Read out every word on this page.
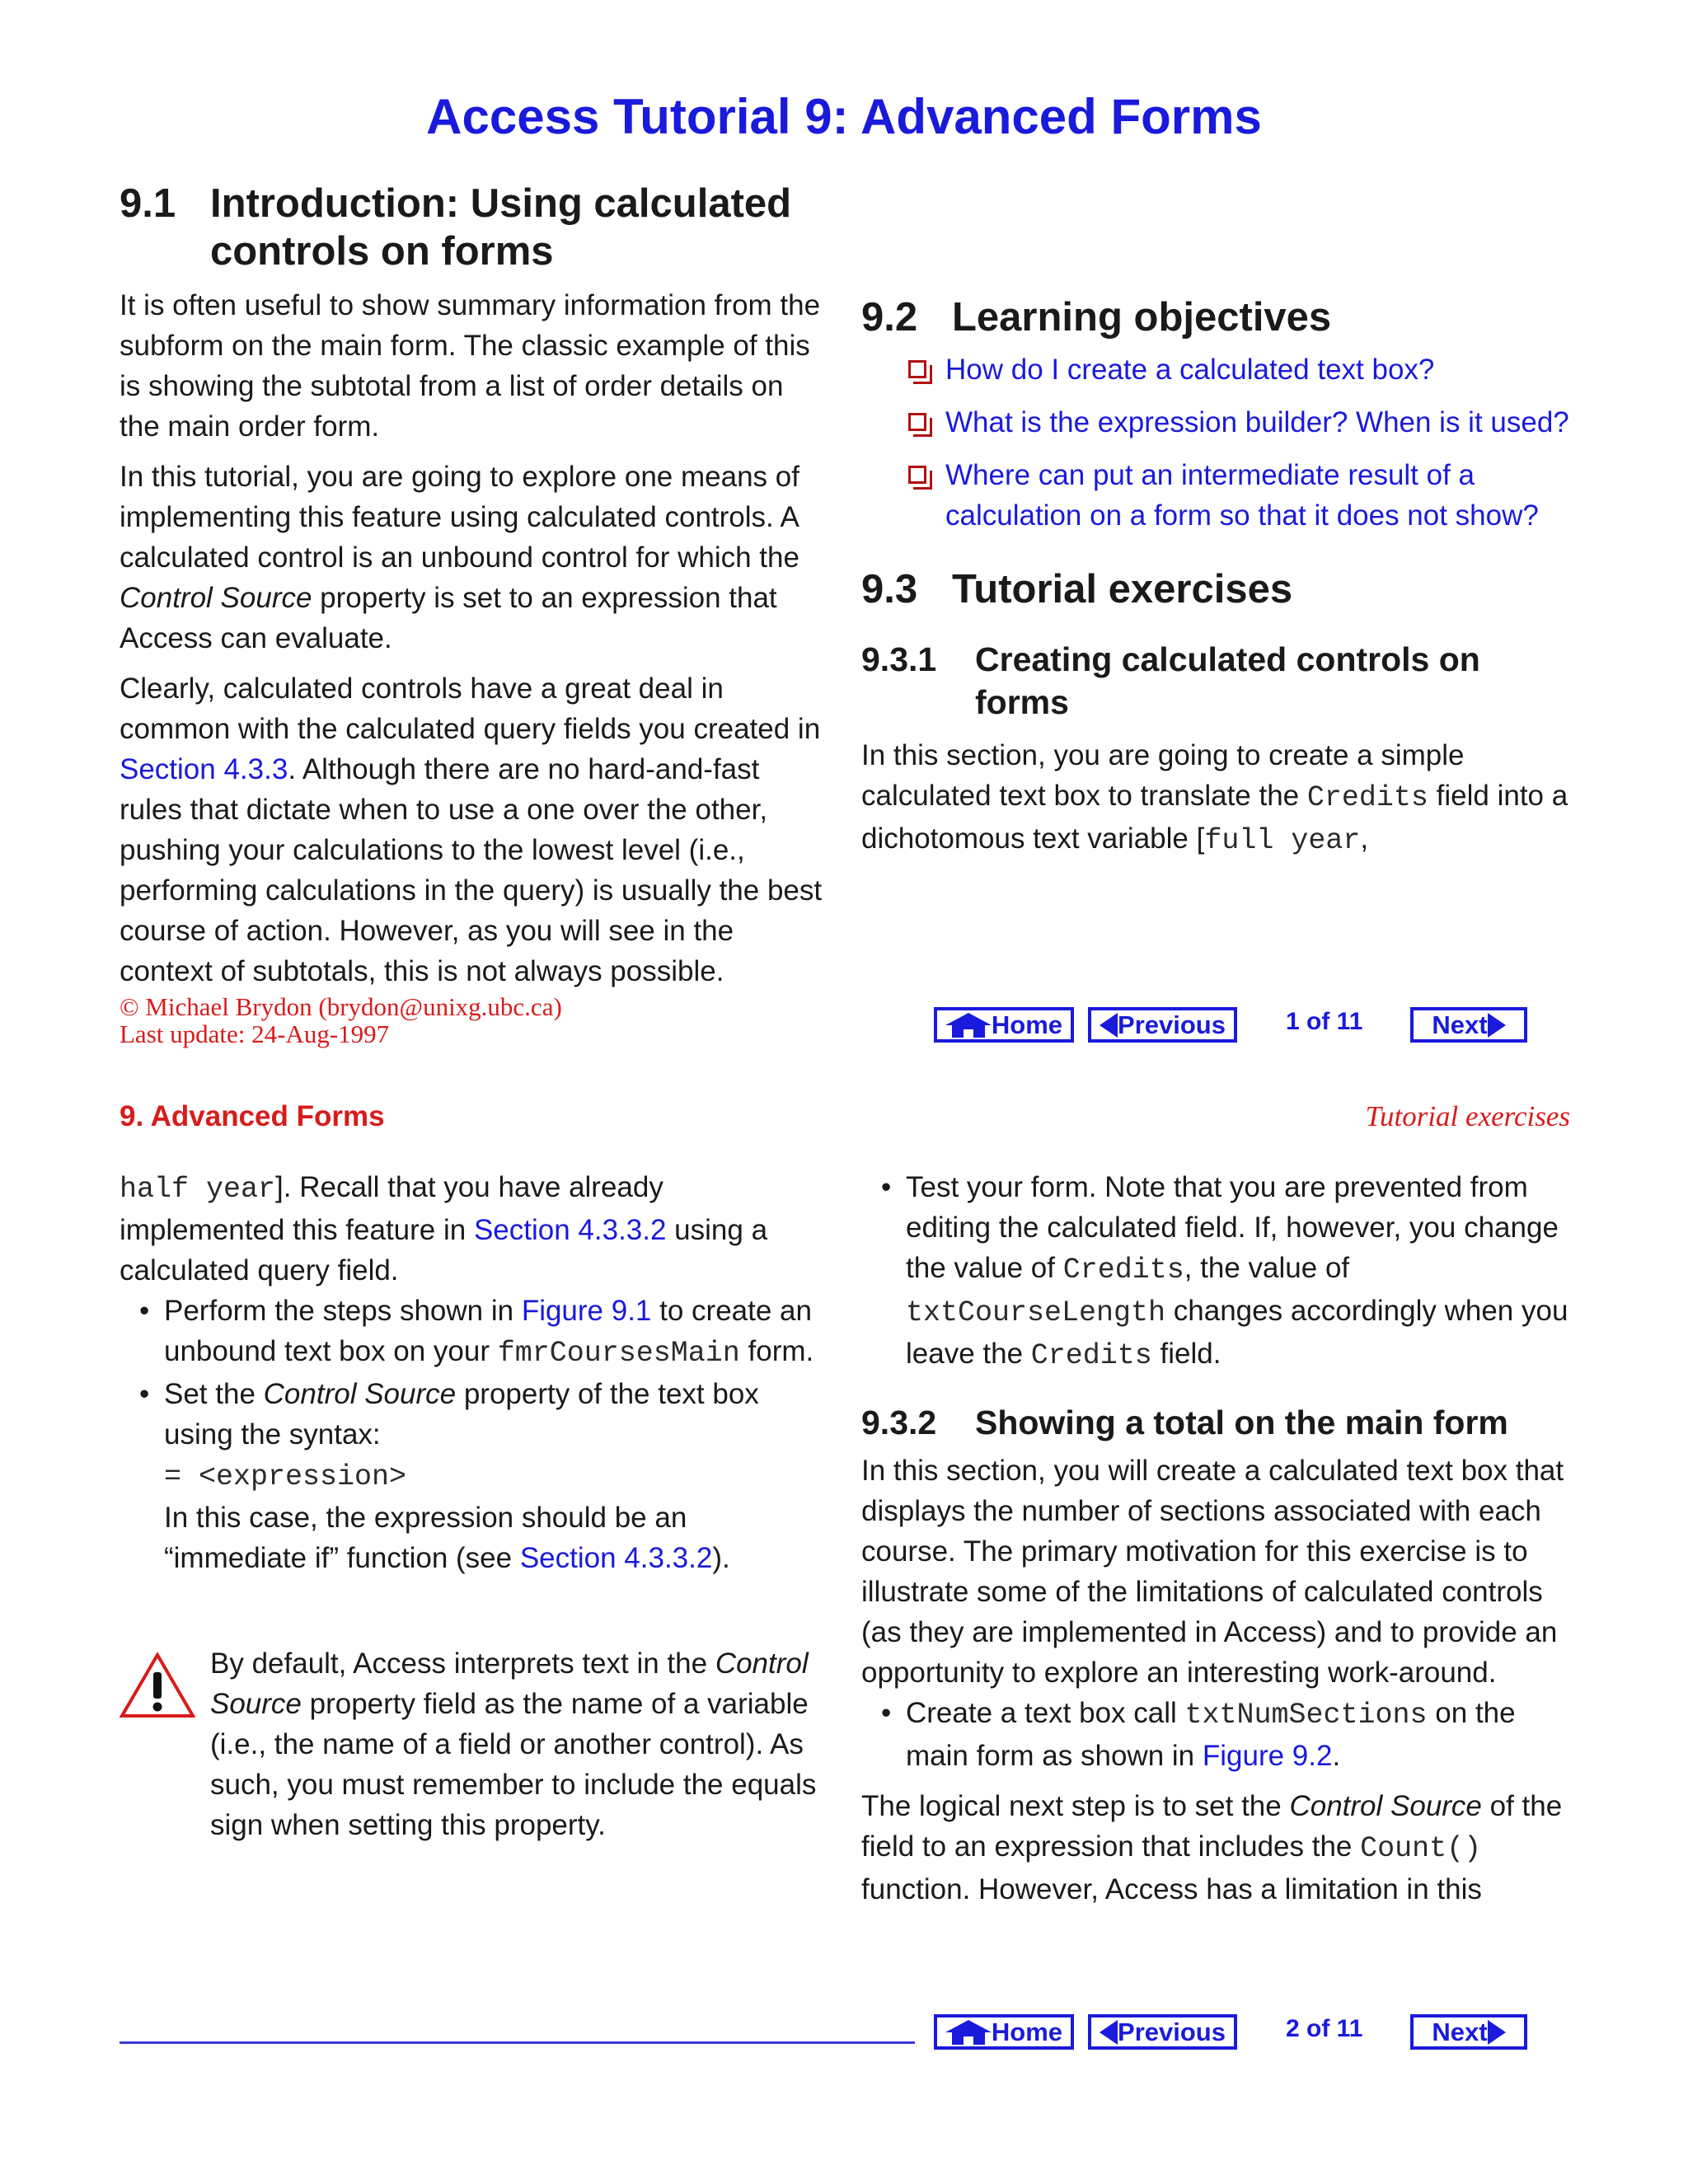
Access Tutorial 9: Advanced Forms
9.1 Introduction: Using calculated controls on forms

It is often useful to show summary information from the subform on the main form. The classic example of this is showing the subtotal from a list of order details on the main order form.

In this tutorial, you are going to explore one means of implementing this feature using calculated controls. A calculated control is an unbound control for which the Control Source property is set to an expression that Access can evaluate.

Clearly, calculated controls have a great deal in common with the calculated query fields you created in Section 4.3.3. Although there are no hard-and-fast rules that dictate when to use a one over the other, pushing your calculations to the lowest level (i.e., performing calculations in the query) is usually the best course of action. However, as you will see in the context of subtotals, this is not always possible.

9.2 Learning objectives
How do I create a calculated text box?
What is the expression builder? When is it used?
Where can put an intermediate result of a calculation on a form so that it does not show?
9.3 Tutorial exercises
9.3.1	Creating calculated controls on forms

In this section, you are going to create a simple calculated text box to translate the Credits field into a dichotomous text variable [full year,

© Michael Brydon (brydon@unixg.ubc.ca)
Last update: 24-Aug-1997	Home Previous 1 of 11	Next
9. Advanced Forms	Tutorial exercises

half year]. Recall that you have already implemented this feature in Section 4.3.3.2 using a calculated query field.

• Perform the steps shown in Figure 9.1 to create an unbound text box on your fmrCoursesMain form.
• Set the Control Source property of the text box using the syntax:
= <expression>
In this case, the expression should be an “immediate if” function (see Section 4.3.3.2).
By default, Access interprets text in the Control Source property field as the name of a variable (i.e., the name of a field or another control). As such, you must remember to include the equals sign when setting this property.
• Test your form. Note that you are prevented from editing the calculated field. If, however, you change the value of Credits, the value of txtCourseLength changes accordingly when you leave the Credits field.
9.3.2	Showing a total on the main form

In this section, you will create a calculated text box that displays the number of sections associated with each course. The primary motivation for this exercise is to illustrate some of the limitations of calculated controls (as they are implemented in Access) and to provide an opportunity to explore an interesting work-around.

• Create a text box call txtNumSections on the main form as shown in Figure 9.2.

The logical next step is to set the Control Source of the field to an expression that includes the Count() function. However, Access has a limitation in this

Home Previous 2 of 11	Next
